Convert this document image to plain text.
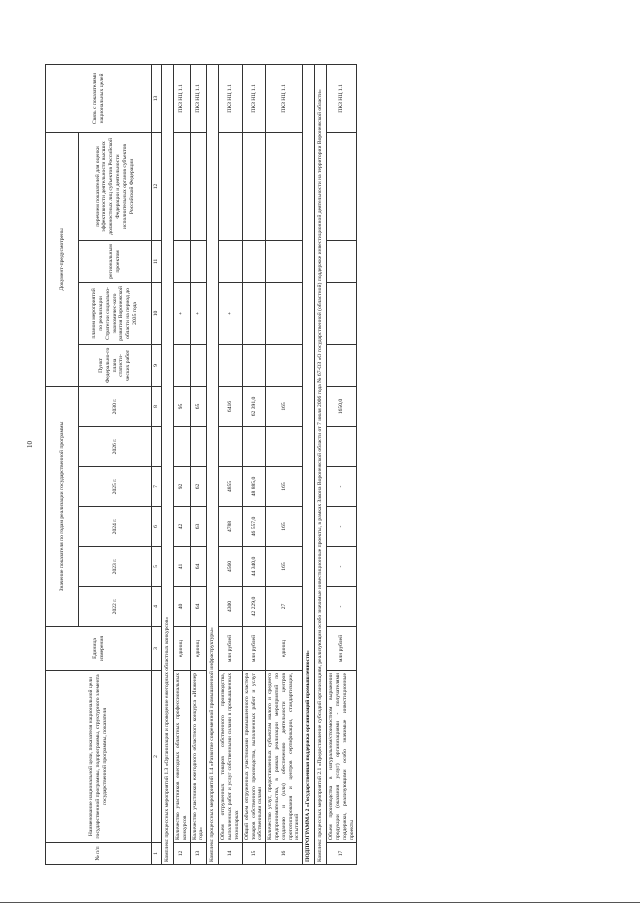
10
№ п/п	Наименование национальной цели, показателя национальной цели государственной программы, подпрограммы, структурного элемента государственной программы, показателя	Единица измерения	Значение показателя по годам реализации государственной программы						Документ-предусмотрены				Связь с показателями национальных целей
			2022 г.	2023 г.	2024 г.	2025 г.	2026 г.	2030 г.	Пункт Федерально-го плана статисти-ческих работ	планом мероприятий по реализации Стратегии социально-экономичес-кого развития Воронежской области на период до 2035 года	региональным проектом	перечнем показателей для оценки эффективности деятельности высших должностных лиц субъектов Российской Федерации и деятельности исполнительных органов субъектов Российской Федерации	
1	2	3	4	5	6	7		8	9	10	11	12	13
Комплекс процессных мероприятий 1.3 «Организация и проведение ежегодных областных конкурсов»													
12	Количество участников ежегодных областных профессиональных конкурсов	единиц	40	41	42	92		95		+			ПКЗ НЦ 1.1
13	Количество участников ежегодного областного конкурса «Инженер года»	единиц	64	64	63	62		65		+			ПКЗ НЦ 1.1
Комплекс процессных мероприятий 1.4 «Развитие современной промышленной инфраструктуры»													
14	Объем отгруженных товаров собственного производства, выполненных работ и услуг собственными силами в промышленных технопарках	млн рублей	4300	4560	4788	4855		6416		+			ПКЗ НЦ 1.1
15	Общий объем отгруженных участниками промышленного кластера товаров собственного производства, выполненных работ и услуг собственными силами	млн рублей	42 229,0	44 340,0	46 557,0	48 885,0		62 391,0					ПКЗ НЦ 1.1
16	Количество услуг, предоставленных субъектам малого и среднего предпринимательства, в рамках реализации мероприятий по созданию и (или) обеспечению деятельности центров прототипирования и центров сертификации, стандартизации, испытаний	единиц	27	165	165	165		165					ПКЗ НЦ 1.1
ПОДПРОГРАММА 2 «Государственная поддержка организаций промышленности»													
Комплекс процессных мероприятий 2.1 «Предоставление субсидий организациям, реализующим особо значимые инвестиционные проекты, в рамках Закона Воронежской области от 7 июля 2006 года № 67-ОЗ «О государственной (областной) поддержке инвестиционной деятельности на территории Воронежской области»													
17	Объем производства в натуральном/стоимостном выражении продукции (оказания услуг) организациями - получателями поддержки, реализующими особо значимые инвестиционные проекты	млн рублей	-	-	-	-		1650,0					ПКЗ НЦ 1.1
